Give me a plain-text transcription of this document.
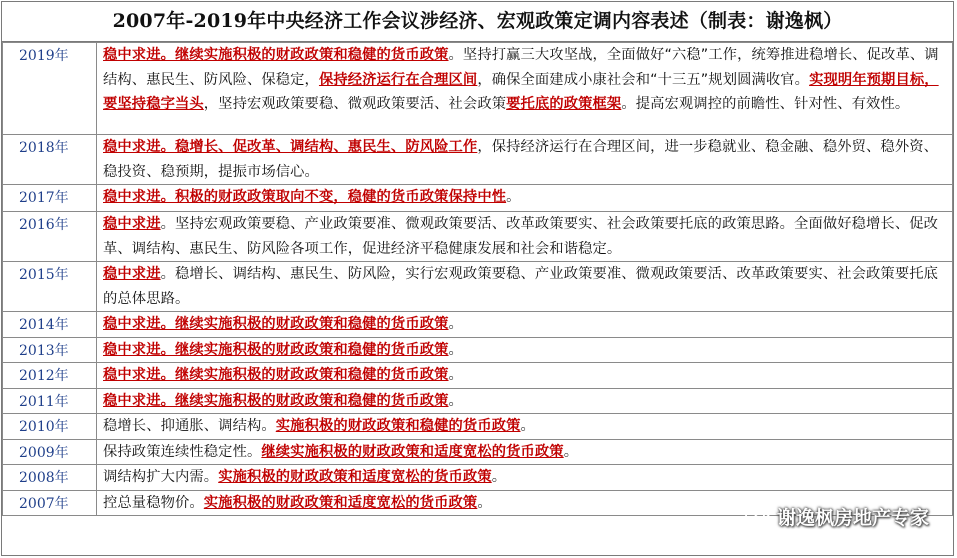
2007年-2019年中央经济工作会议涉经济、宏观政策定调内容表述（制表：谢逸枫）
2019年	稳中求进。继续实施积极的财政政策和稳健的货币政策。坚持打赢三大攻坚战，全面做好“六稳”工作，统筹推进稳增长、促改革、调结构、惠民生、防风险、保稳定，保持经济运行在合理区间，确保全面建成小康社会和“十三五”规划圆满收官。实现明年预期目标，要坚持稳字当头，坚持宏观政策要稳、微观政策要活、社会政策要托底的政策框架。提高宏观调控的前瞻性、针对性、有效性。
2018年	稳中求进。稳增长、促改革、调结构、惠民生、防风险工作，保持经济运行在合理区间，进一步稳就业、稳金融、稳外贸、稳外资、稳投资、稳预期，提振市场信心。
2017年	稳中求进。积极的财政政策取向不变，稳健的货币政策保持中性。
2016年	稳中求进。坚持宏观政策要稳、产业政策要准、微观政策要活、改革政策要实、社会政策要托底的政策思路。全面做好稳增长、促改革、调结构、惠民生、防风险各项工作，促进经济平稳健康发展和社会和谐稳定。
2015年	稳中求进。稳增长、调结构、惠民生、防风险，实行宏观政策要稳、产业政策要准、微观政策要活、改革政策要实、社会政策要托底的总体思路。
2014年	稳中求进。继续实施积极的财政政策和稳健的货币政策。
2013年	稳中求进。继续实施积极的财政政策和稳健的货币政策。
2012年	稳中求进。继续实施积极的财政政策和稳健的货币政策。
2011年	稳中求进。继续实施积极的财政政策和稳健的货币政策。
2010年	稳增长、抑通胀、调结构。实施积极的财政政策和稳健的货币政策。
2009年	保持政策连续性稳定性。继续实施积极的财政政策和适度宽松的货币政策。
2008年	调结构扩大内需。实施积极的财政政策和适度宽松的货币政策。
2007年	控总量稳物价。实施积极的财政政策和适度宽松的货币政策。
谢逸枫房地产专家
